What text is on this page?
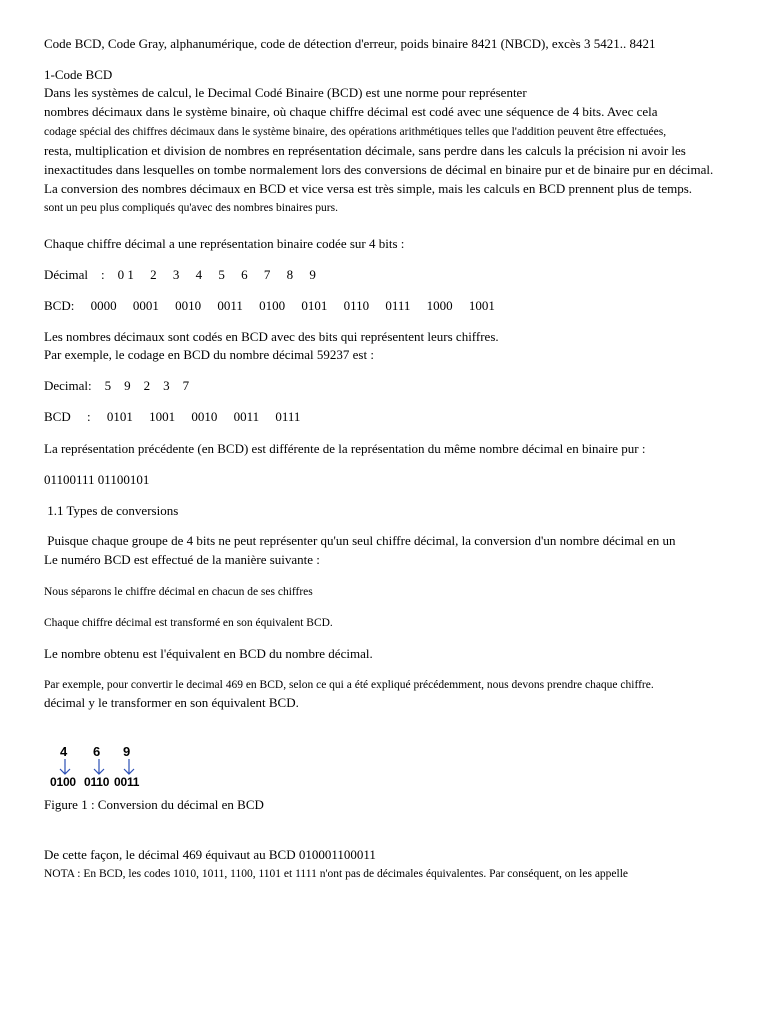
Code BCD, Code Gray, alphanumérique, code de détection d'erreur, poids binaire 8421 (NBCD), excès 3 5421.. 8421
1-Code BCD
Dans les systèmes de calcul, le Decimal Codé Binaire (BCD) est une norme pour représenter
nombres décimaux dans le système binaire, où chaque chiffre décimal est codé avec une séquence de 4 bits. Avec cela
codage spécial des chiffres décimaux dans le système binaire, des opérations arithmétiques telles que l'addition peuvent être effectuées,
resta, multiplication et division de nombres en représentation décimale, sans perdre dans les calculs la précision ni avoir les
inexactitudes dans lesquelles on tombe normalement lors des conversions de décimal en binaire pur et de binaire pur en décimal.
La conversion des nombres décimaux en BCD et vice versa est très simple, mais les calculs en BCD prennent plus de temps.
sont un peu plus compliqués qu'avec des nombres binaires purs.
Chaque chiffre décimal a une représentation binaire codée sur 4 bits :
Décimal    :    0 1     2     3     4     5     6     7     8     9
BCD:     0000     0001     0010     0011     0100     0101     0110     0111     1000     1001
Les nombres décimaux sont codés en BCD avec des bits qui représentent leurs chiffres.
Par exemple, le codage en BCD du nombre décimal 59237 est :
Decimal:    5    9    2    3    7
BCD     :     0101     1001     0010     0011     0111
La représentation précédente (en BCD) est différente de la représentation du même nombre décimal en binaire pur :
01100111 01100101
1.1 Types de conversions
Puisque chaque groupe de 4 bits ne peut représenter qu'un seul chiffre décimal, la conversion d'un nombre décimal en un
Le numéro BCD est effectué de la manière suivante :
Nous séparons le chiffre décimal en chacun de ses chiffres
Chaque chiffre décimal est transformé en son équivalent BCD.
Le nombre obtenu est l'équivalent en BCD du nombre décimal.
Par exemple, pour convertir le decimal 469 en BCD, selon ce qui a été expliqué précédemment, nous devons prendre chaque chiffre.
décimal y le transformer en son équivalent BCD.
4 6 9
0100 0110 0011
Figure 1 : Conversion du décimal en BCD
De cette façon, le décimal 469 équivaut au BCD 010001100011
NOTA : En BCD, les codes 1010, 1011, 1100, 1101 et 1111 n'ont pas de décimales équivalentes. Par conséquent, on les appelle
